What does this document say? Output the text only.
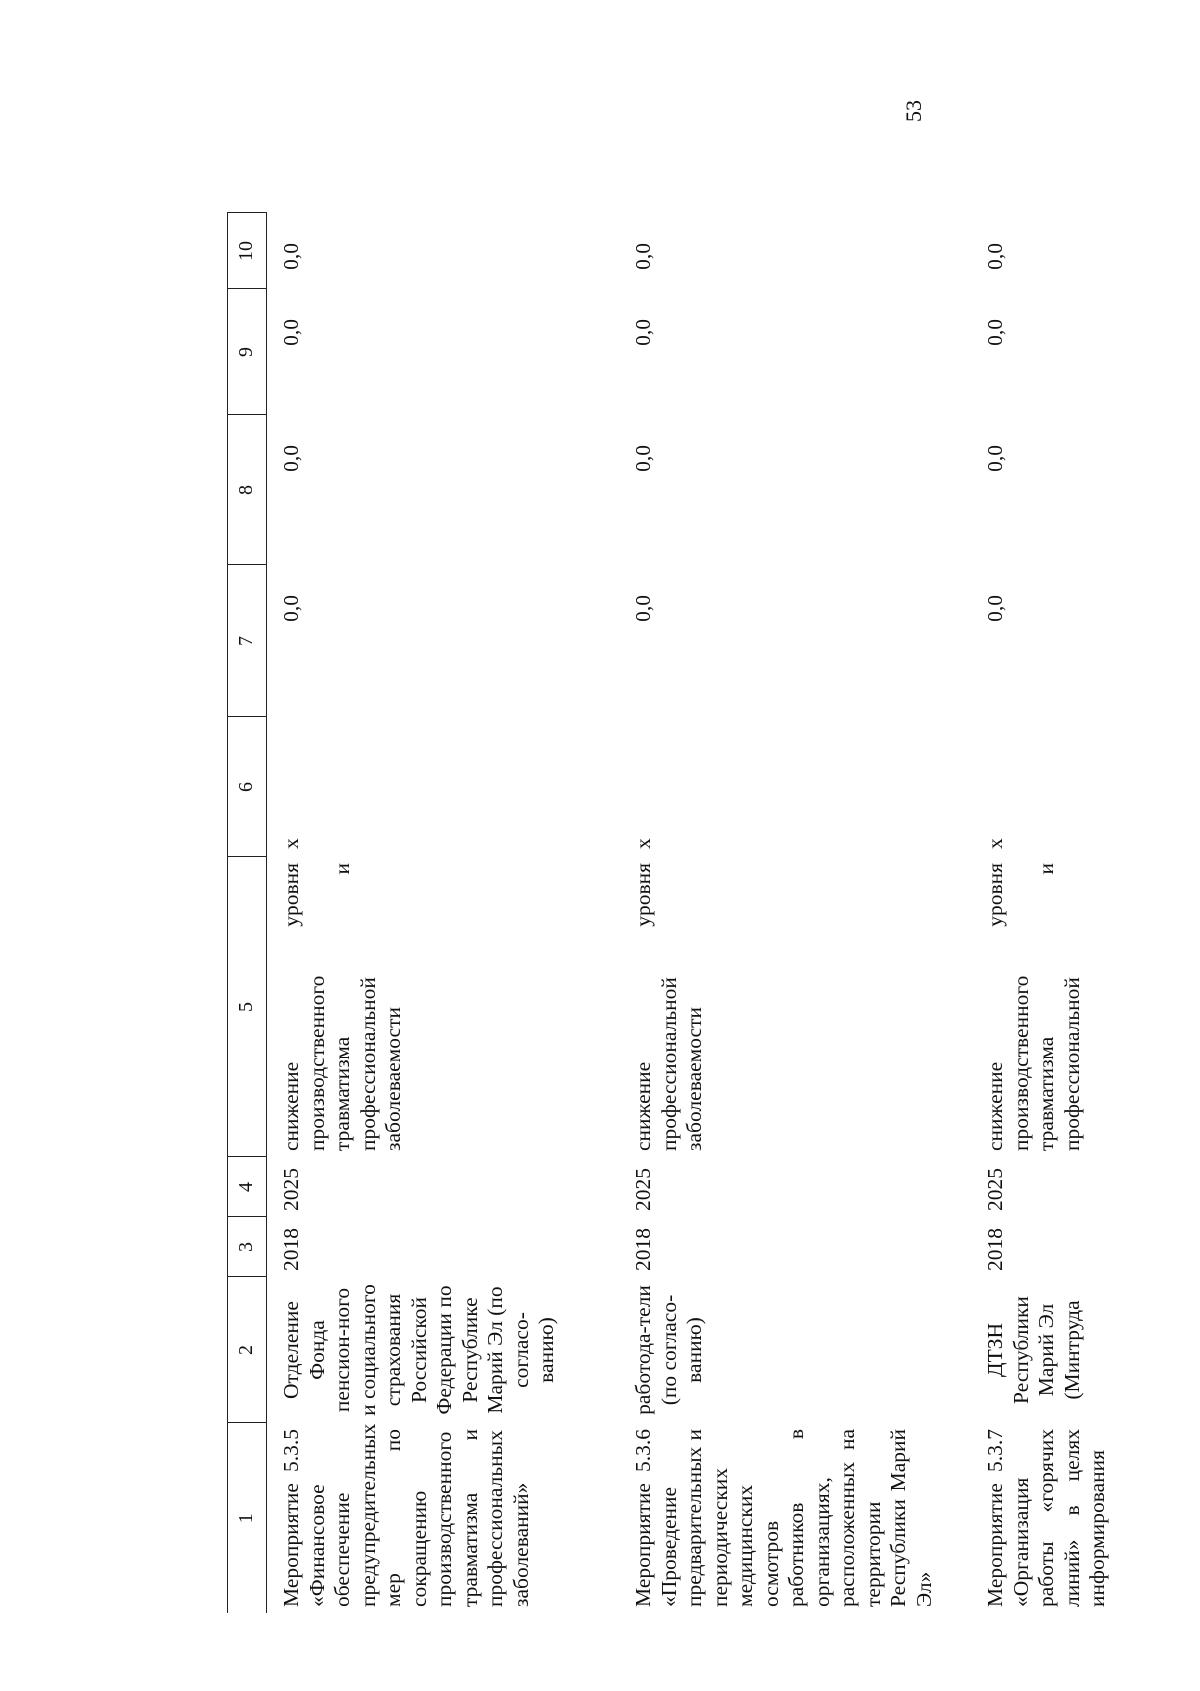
53
1	2	3	4	5	6	7	8	9	10
Мероприятие 5.3.5 «Финансовое обеспечение предупредительных мер по сокращению производственного травматизма и профессиональных заболеваний»	Отделение Фонда пенсион-ного и социального страхования Российской Федерации по Республике Марий Эл (по согласо-ванию)	2018	2025	снижение уровня производственного травматизма и профессиональной заболеваемости	x	0,0	0,0	0,0	0,0
Мероприятие 5.3.6 «Проведение предварительных и периодических медицинских осмотров работников в организациях, расположенных на территории Республики Марий Эл»	работода-тели (по согласо-ванию)	2018	2025	снижение уровня профессиональной заболеваемости	x	0,0	0,0	0,0	0,0
Мероприятие 5.3.7 «Организация работы «горячих линий» в целях информирования	ДТЗН Республики Марий Эл (Минтруда	2018	2025	снижение уровня производственного травматизма и профессиональной	x	0,0	0,0	0,0	0,0
